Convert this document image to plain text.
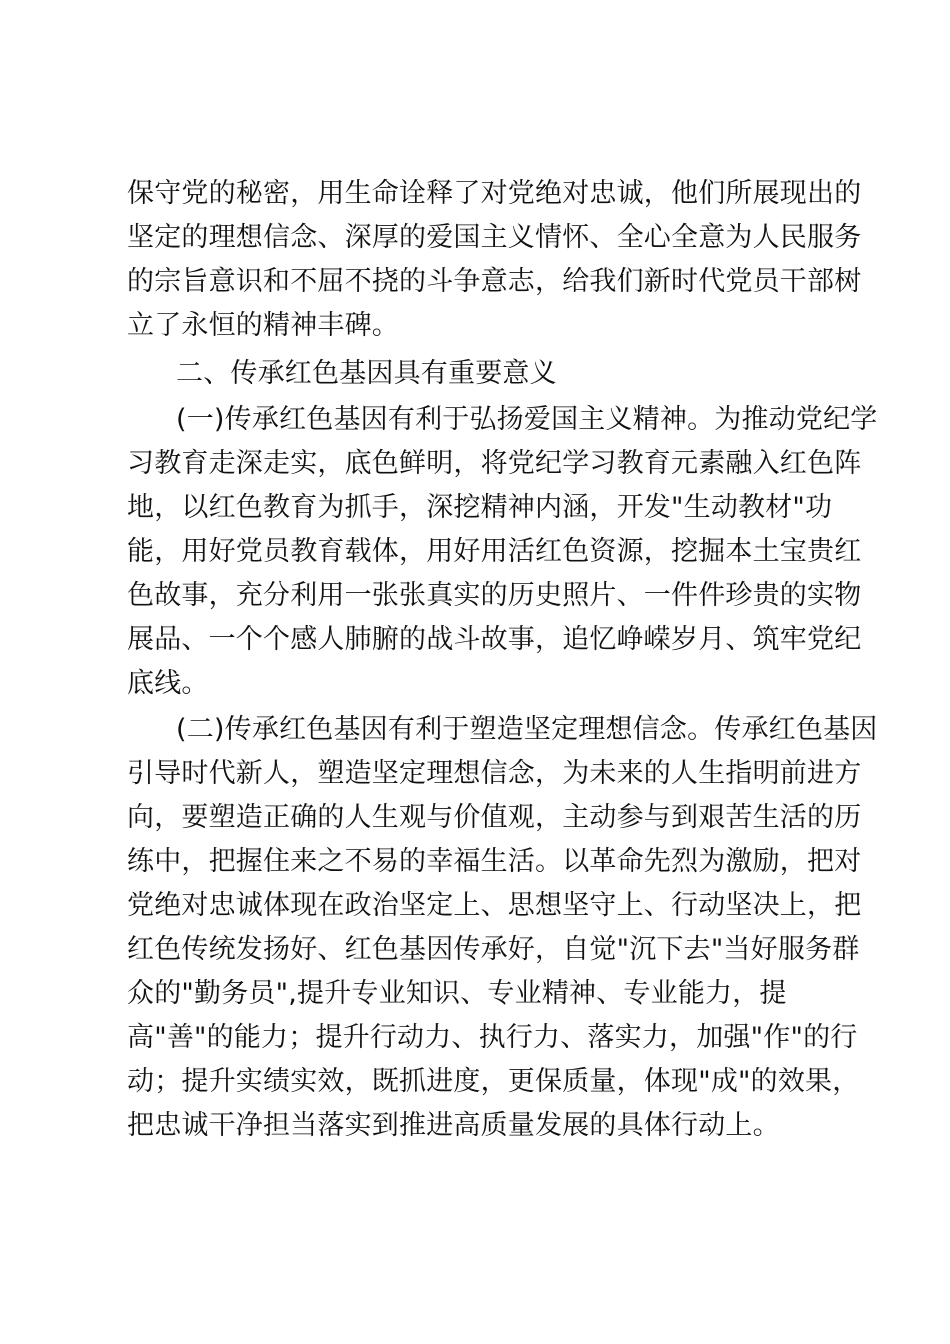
保守党的秘密，用生命诠释了对党绝对忠诚，他们所展现出的
坚定的理想信念、深厚的爱国主义情怀、全心全意为人民服务
的宗旨意识和不屈不挠的斗争意志，给我们新时代党员干部树
立了永恒的精神丰碑。
二、传承红色基因具有重要意义
(一)传承红色基因有利于弘扬爱国主义精神。为推动党纪学
习教育走深走实，底色鲜明，将党纪学习教育元素融入红色阵
地，以红色教育为抓手，深挖精神内涵，开发"生动教材"功
能，用好党员教育载体，用好用活红色资源，挖掘本土宝贵红
色故事，充分利用一张张真实的历史照片、一件件珍贵的实物
展品、一个个感人肺腑的战斗故事，追忆峥嵘岁月、筑牢党纪
底线。
(二)传承红色基因有利于塑造坚定理想信念。传承红色基因
引导时代新人，塑造坚定理想信念，为未来的人生指明前进方
向，要塑造正确的人生观与价值观，主动参与到艰苦生活的历
练中，把握住来之不易的幸福生活。以革命先烈为激励，把对
党绝对忠诚体现在政治坚定上、思想坚守上、行动坚决上，把
红色传统发扬好、红色基因传承好，自觉"沉下去"当好服务群
众的"勤务员",提升专业知识、专业精神、专业能力，提
高"善"的能力；提升行动力、执行力、落实力，加强"作"的行
动；提升实绩实效，既抓进度，更保质量，体现"成"的效果，
把忠诚干净担当落实到推进高质量发展的具体行动上。
